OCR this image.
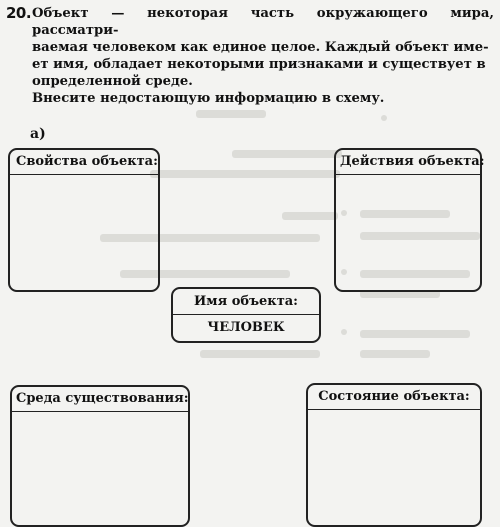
20. Объект — некоторая часть окружающего мира, рассматри-
ваемая человеком как единое целое. Каждый объект име-
ет имя, обладает некоторыми признаками и существует в
определенной среде.
Внесите недостающую информацию в схему.
а)
Свойства объекта:	Действия объекта:
Имя объекта:
ЧЕЛОВЕК
Среда существования:	Состояние объекта:
